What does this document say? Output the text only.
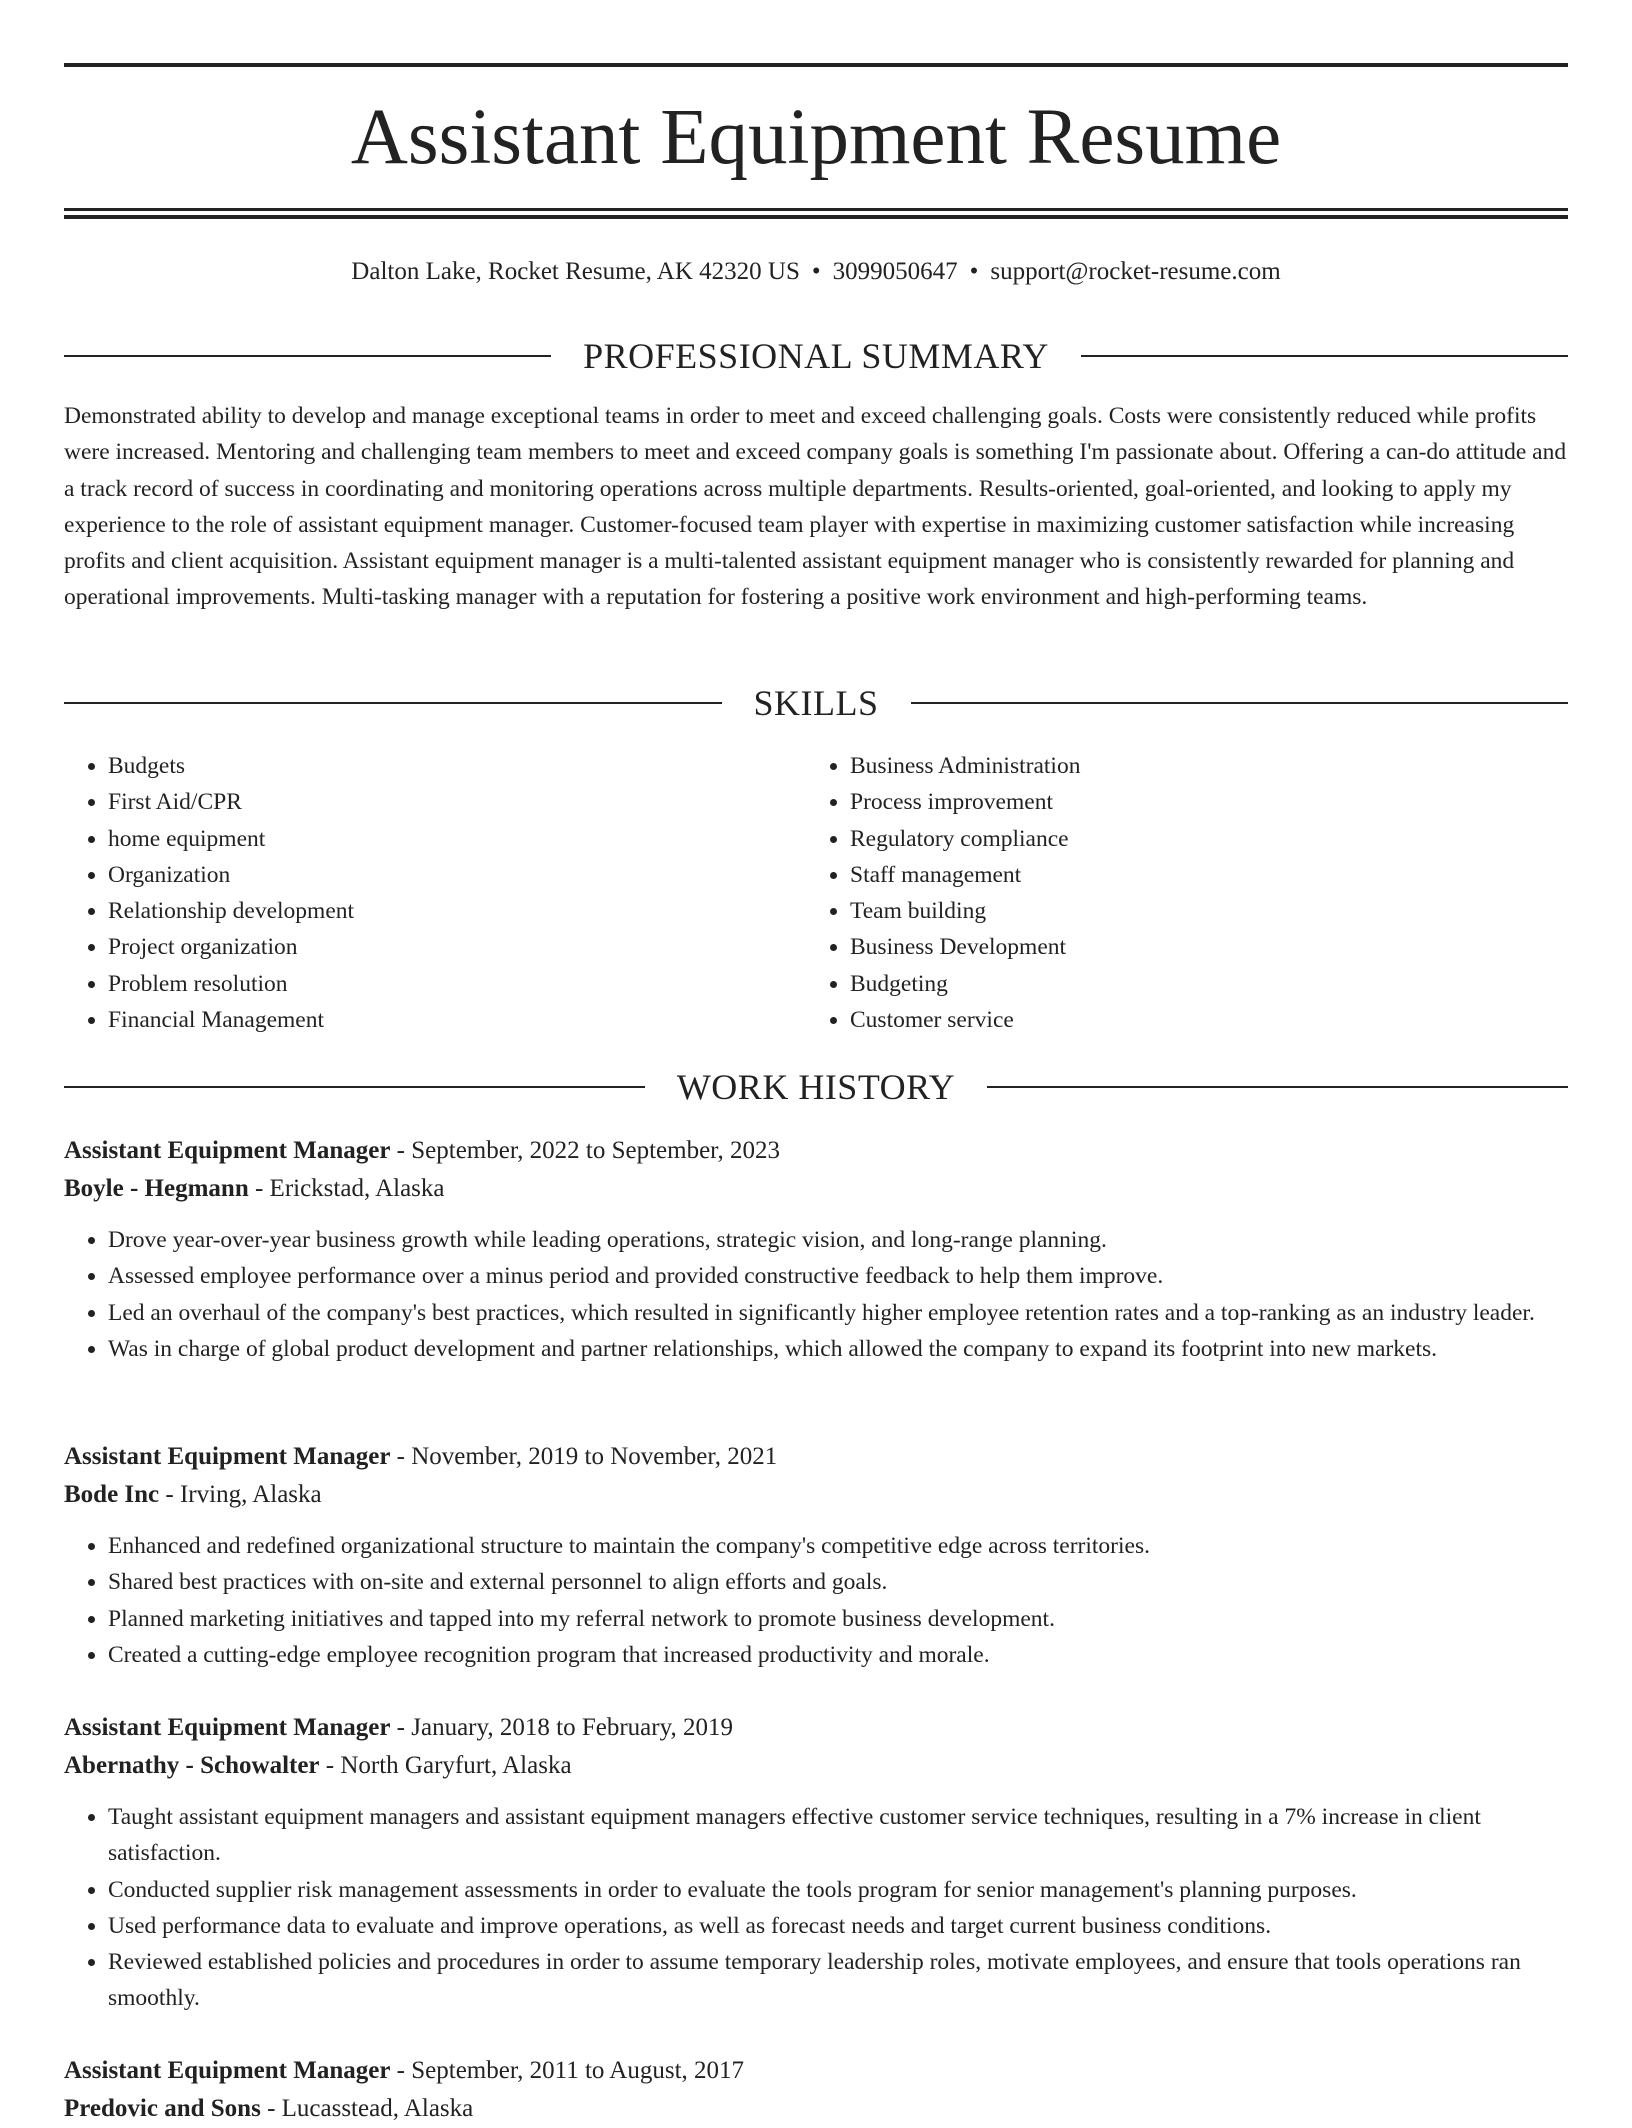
Assistant Equipment Resume
Dalton Lake, Rocket Resume, AK 42320 US • 3099050647 • support@rocket-resume.com
PROFESSIONAL SUMMARY

Demonstrated ability to develop and manage exceptional teams in order to meet and exceed challenging goals. Costs were consistently reduced while profits were increased. Mentoring and challenging team members to meet and exceed company goals is something I'm passionate about. Offering a can-do attitude and a track record of success in coordinating and monitoring operations across multiple departments. Results-oriented, goal-oriented, and looking to apply my experience to the role of assistant equipment manager. Customer-focused team player with expertise in maximizing customer satisfaction while increasing profits and client acquisition. Assistant equipment manager is a multi-talented assistant equipment manager who is consistently rewarded for planning and operational improvements. Multi-tasking manager with a reputation for fostering a positive work environment and high-performing teams.

SKILLS
• Budgets
• First Aid/CPR
• home equipment
• Organization
• Relationship development
• Project organization
• Problem resolution
• Financial Management
• Business Administration
• Process improvement
• Regulatory compliance
• Staff management
• Team building
• Business Development
• Budgeting
• Customer service
WORK HISTORY
Assistant Equipment Manager - September, 2022 to September, 2023
Boyle - Hegmann - Erickstad, Alaska
• Drove year-over-year business growth while leading operations, strategic vision, and long-range planning.
• Assessed employee performance over a minus period and provided constructive feedback to help them improve.
• Led an overhaul of the company's best practices, which resulted in significantly higher employee retention rates and a top-ranking as an industry leader.
• Was in charge of global product development and partner relationships, which allowed the company to expand its footprint into new markets.
Assistant Equipment Manager - November, 2019 to November, 2021
Bode Inc - Irving, Alaska
• Enhanced and redefined organizational structure to maintain the company's competitive edge across territories.
• Shared best practices with on-site and external personnel to align efforts and goals.
• Planned marketing initiatives and tapped into my referral network to promote business development.
• Created a cutting-edge employee recognition program that increased productivity and morale.
Assistant Equipment Manager - January, 2018 to February, 2019
Abernathy - Schowalter - North Garyfurt, Alaska
• Taught assistant equipment managers and assistant equipment managers effective customer service techniques, resulting in a 7% increase in client satisfaction.
• Conducted supplier risk management assessments in order to evaluate the tools program for senior management's planning purposes.
• Used performance data to evaluate and improve operations, as well as forecast needs and target current business conditions.
• Reviewed established policies and procedures in order to assume temporary leadership roles, motivate employees, and ensure that tools operations ran smoothly.
Assistant Equipment Manager - September, 2011 to August, 2017
Predovic and Sons - Lucasstead, Alaska
